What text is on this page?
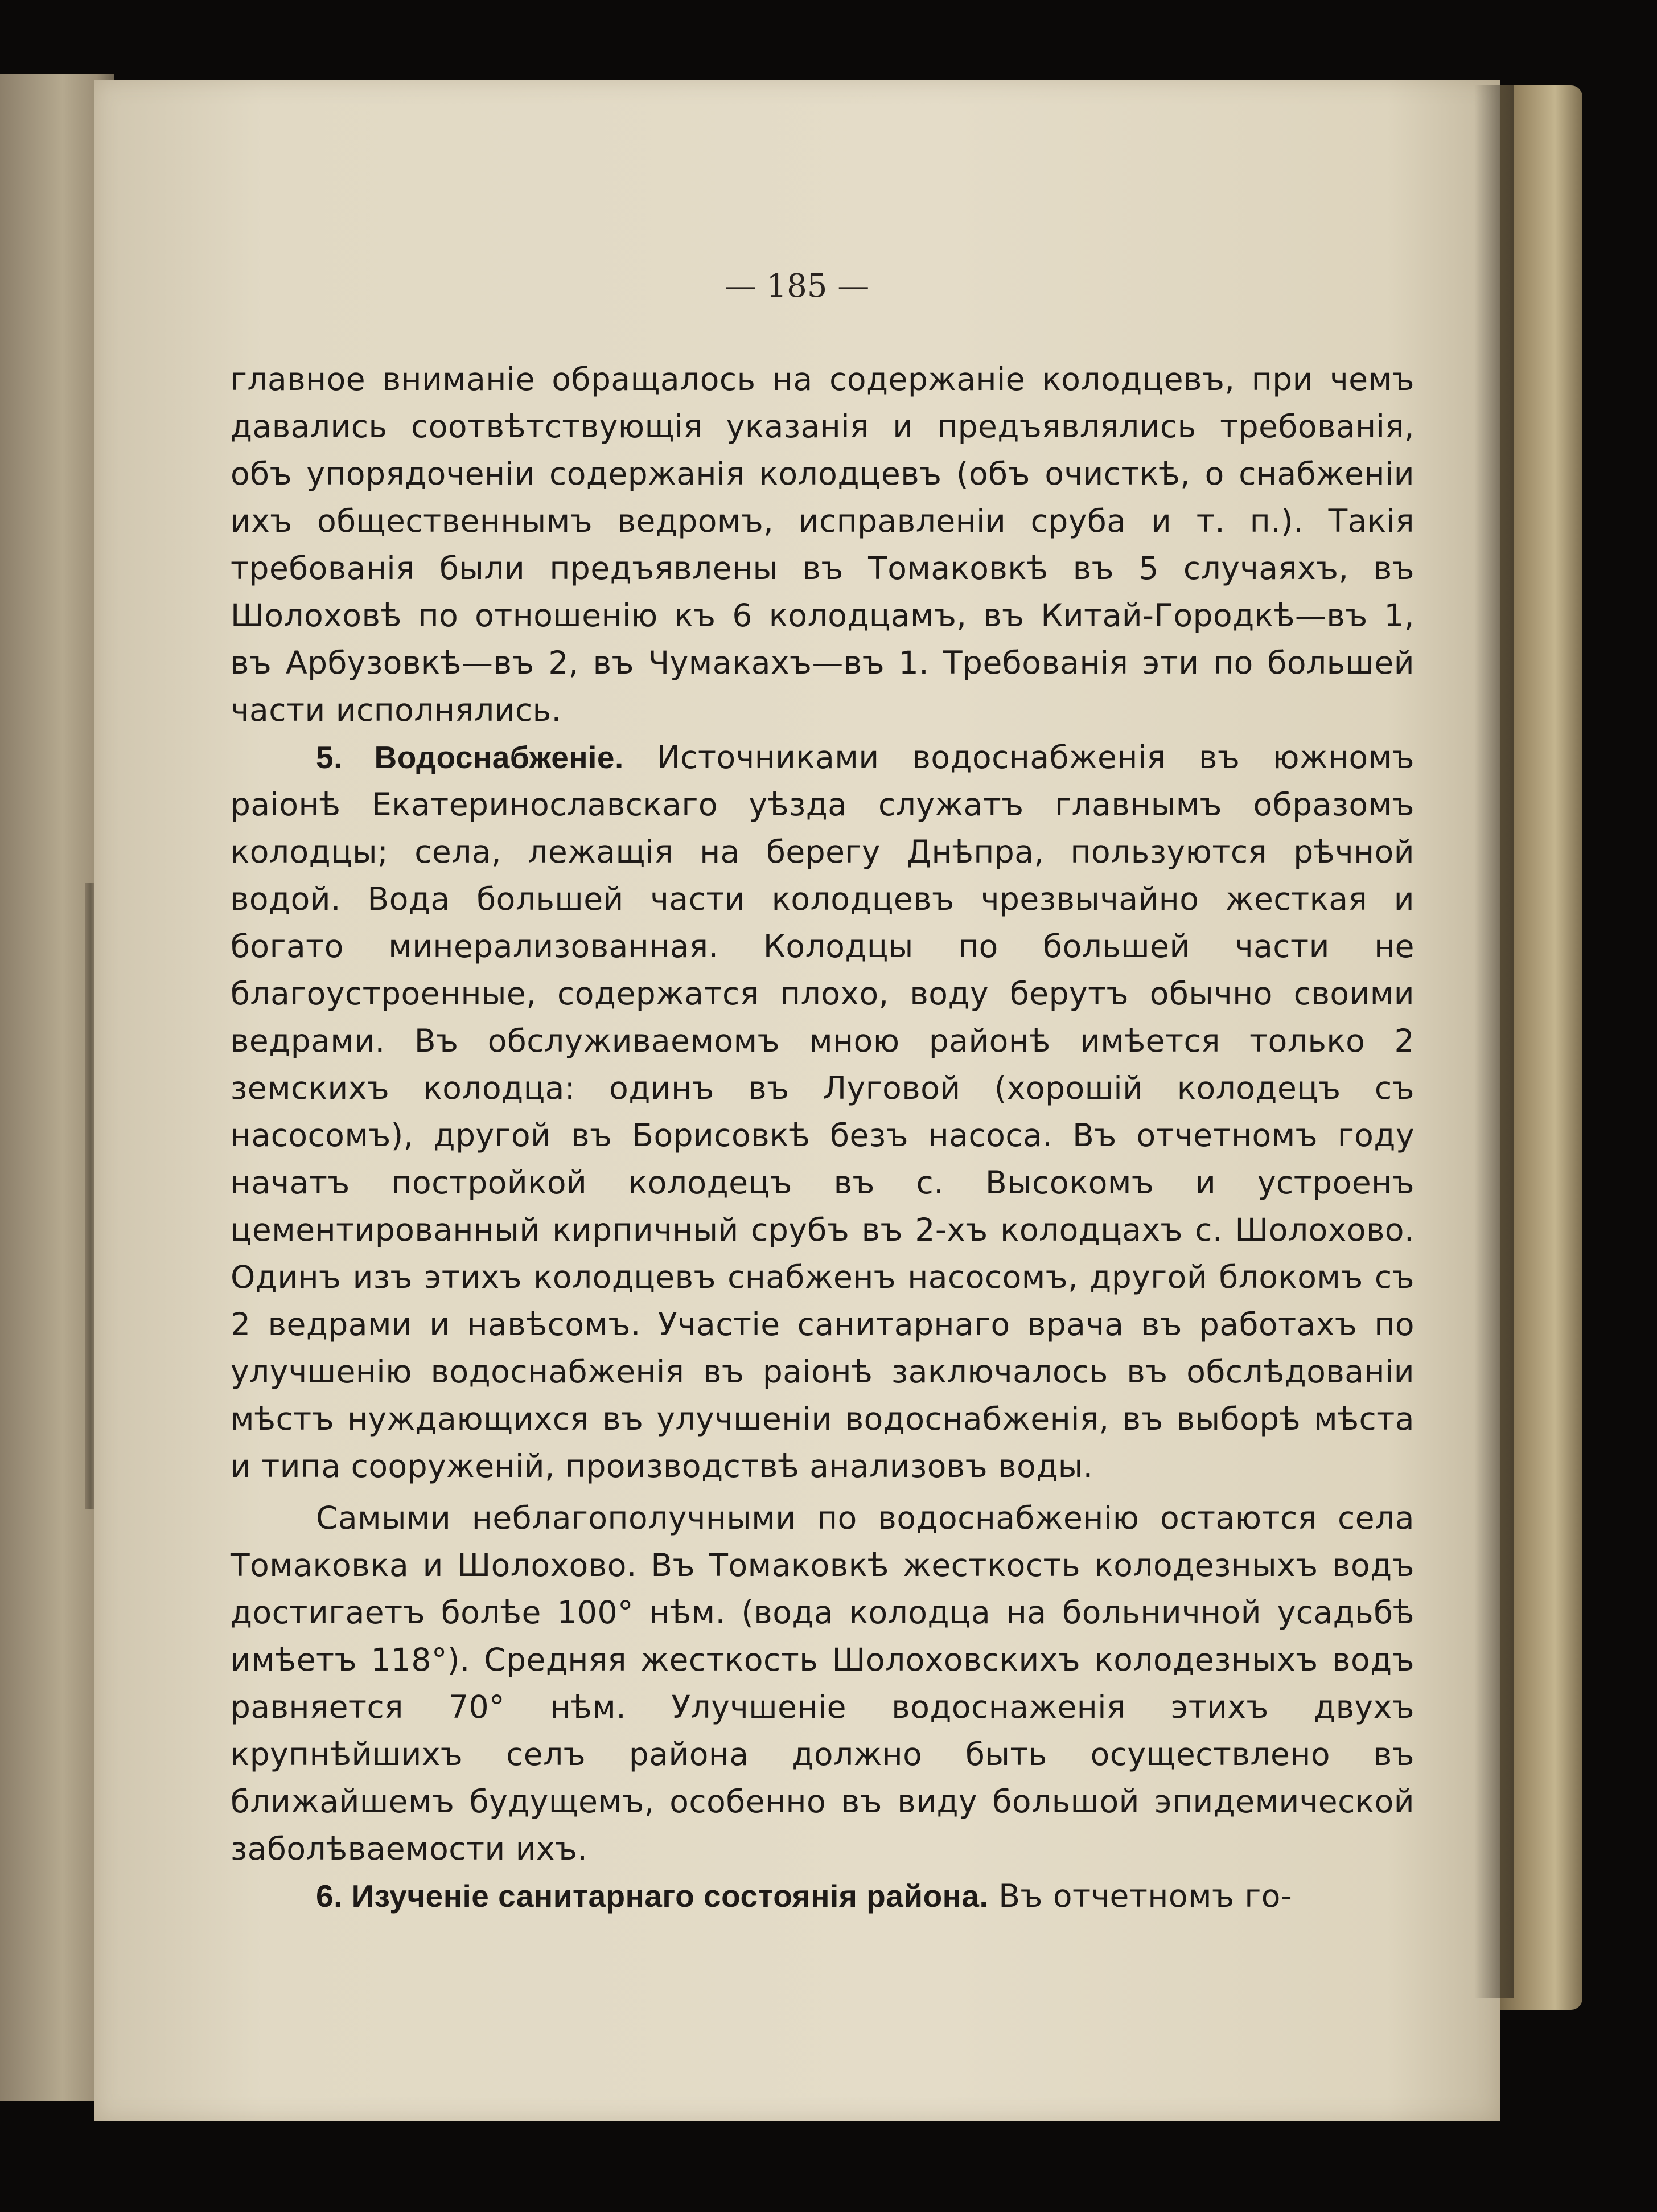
— 185 —

главное вниманіе обращалось на содержаніе колодцевъ, при чемъ давались соотвѣтствующія указанія и предъявлялись требованія, объ упорядоченіи содержанія колодцевъ (объ очисткѣ, о снабженіи ихъ общественнымъ ведромъ, исправленіи сруба и т. п.). Такія требованія были предъявлены въ Томаковкѣ въ 5 случаяхъ, въ Шолоховѣ по отношенію къ 6 колодцамъ, въ Китай-Городкѣ—въ 1, въ Арбузовкѣ—въ 2, въ Чумакахъ—въ 1. Требованія эти по большей части исполнялись.

5. Водоснабженіе. Источниками водоснабженія въ южномъ раіонѣ Екатеринославскаго уѣзда служатъ главнымъ образомъ колодцы; села, лежащія на берегу Днѣпра, пользуются рѣчной водой. Вода большей части колодцевъ чрезвычайно жесткая и богато минерализованная. Колодцы по большей части не благоустроенные, содержатся плохо, воду берутъ обычно своими ведрами. Въ обслуживаемомъ мною районѣ имѣется только 2 земскихъ колодца: одинъ въ Луговой (хорошій колодецъ съ насосомъ), другой въ Борисовкѣ безъ насоса. Въ отчетномъ году начатъ постройкой колодецъ въ с. Высокомъ и устроенъ цементированный кирпичный срубъ въ 2-хъ колодцахъ с. Шолохово. Одинъ изъ этихъ колодцевъ снабженъ насосомъ, другой блокомъ съ 2 ведрами и навѣсомъ. Участіе санитарнаго врача въ работахъ по улучшенію водоснабженія въ раіонѣ заключалось въ обслѣдованіи мѣстъ нуждающихся въ улучшеніи водоснабженія, въ выборѣ мѣста и типа сооруженій, производствѣ анализовъ воды.

Самыми неблагополучными по водоснабженію остаются села Томаковка и Шолохово. Въ Томаковкѣ жесткость колодезныхъ водъ достигаетъ болѣе 100° нѣм. (вода колодца на больничной усадьбѣ имѣетъ 118°). Средняя жесткость Шолоховскихъ колодезныхъ водъ равняется 70° нѣм. Улучшеніе водоснаженія этихъ двухъ крупнѣйшихъ селъ района должно быть осуществлено въ ближайшемъ будущемъ, особенно въ виду большой эпидемической заболѣваемости ихъ.

6. Изученіе санитарнаго состоянія района. Въ отчетномъ го-
